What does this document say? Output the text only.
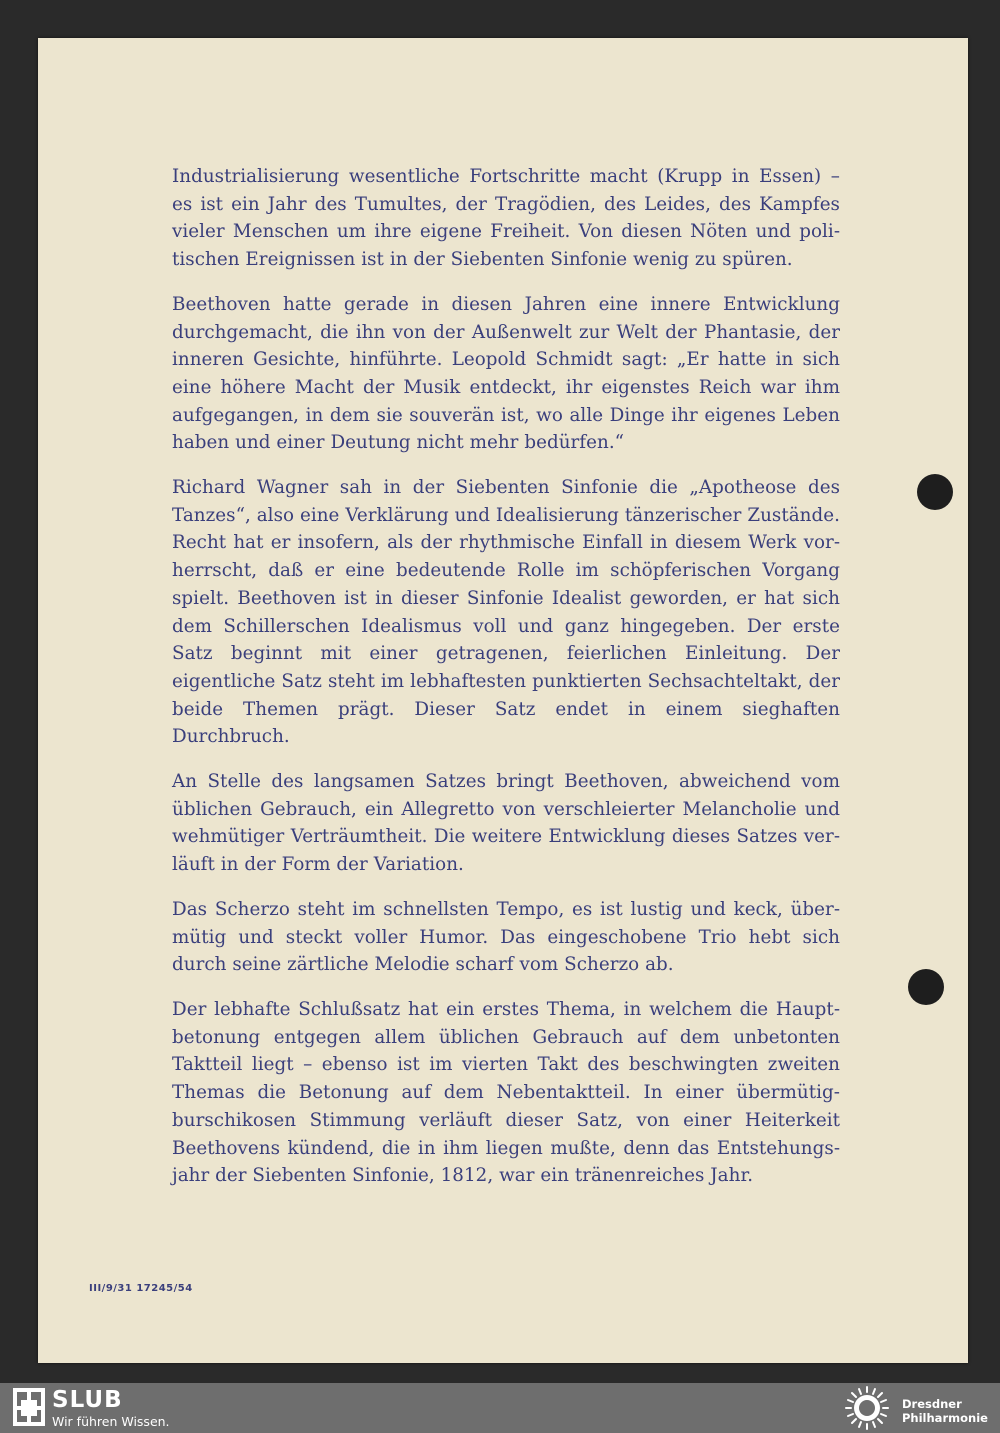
Industrialisierung wesentliche Fortschritte macht (Krupp in Essen) – es ist ein Jahr des Tumultes, der Tragödien, des Leides, des Kampfes vieler Menschen um ihre eigene Freiheit. Von diesen Nöten und politischen Ereignissen ist in der Siebenten Sinfonie wenig zu spüren.

Beethoven hatte gerade in diesen Jahren eine innere Entwicklung durchgemacht, die ihn von der Außenwelt zur Welt der Phantasie, der inneren Gesichte, hinführte. Leopold Schmidt sagt: „Er hatte in sich eine höhere Macht der Musik entdeckt, ihr eigenstes Reich war ihm aufgegangen, in dem sie souverän ist, wo alle Dinge ihr eigenes Leben haben und einer Deutung nicht mehr bedürfen.“

Richard Wagner sah in der Siebenten Sinfonie die „Apotheose des Tanzes“, also eine Verklärung und Idealisierung tänzerischer Zustände. Recht hat er insofern, als der rhythmische Einfall in diesem Werk vorherrscht, daß er eine bedeutende Rolle im schöpferischen Vorgang spielt. Beethoven ist in dieser Sinfonie Idealist geworden, er hat sich dem Schillerschen Idealismus voll und ganz hingegeben. Der erste Satz beginnt mit einer getragenen, feierlichen Einleitung. Der eigentliche Satz steht im lebhaftesten punktierten Sechsachteltakt, der beide Themen prägt. Dieser Satz endet in einem sieghaften Durchbruch.

An Stelle des langsamen Satzes bringt Beethoven, abweichend vom üblichen Gebrauch, ein Allegretto von verschleierter Melancholie und wehmütiger Verträumtheit. Die weitere Entwicklung dieses Satzes verläuft in der Form der Variation.

Das Scherzo steht im schnellsten Tempo, es ist lustig und keck, übermütig und steckt voller Humor. Das eingeschobene Trio hebt sich durch seine zärtliche Melodie scharf vom Scherzo ab.

Der lebhafte Schlußsatz hat ein erstes Thema, in welchem die Hauptbetonung entgegen allem üblichen Gebrauch auf dem unbetonten Taktteil liegt – ebenso ist im vierten Takt des beschwingten zweiten Themas die Betonung auf dem Nebentaktteil. In einer übermütig-burschikosen Stimmung verläuft dieser Satz, von einer Heiterkeit Beethovens kündend, die in ihm liegen mußte, denn das Entstehungsjahr der Siebenten Sinfonie, 1812, war ein tränenreiches Jahr.

III/9/31 17245/54
SLUB
Wir führen Wissen.
Dresdner
Philharmonie
